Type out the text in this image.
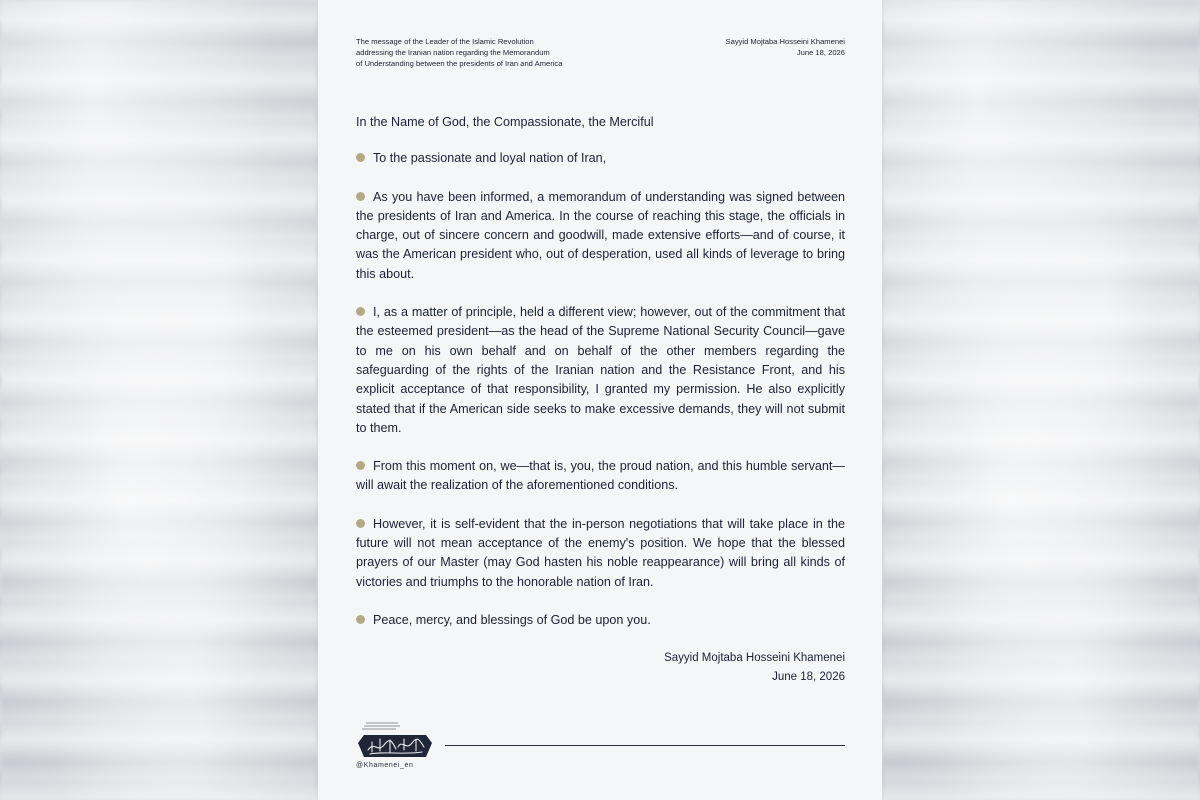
The message of the Leader of the Islamic Revolution
addressing the Iranian nation regarding the Memorandum
of Understanding between the presidents of Iran and America
Sayyid Mojtaba Hosseini Khamenei
June 18, 2026
In the Name of God, the Compassionate, the Merciful
To the passionate and loyal nation of Iran,
As you have been informed, a memorandum of understanding was signed between the presidents of Iran and America. In the course of reaching this stage, the officials in charge, out of sincere concern and goodwill, made extensive efforts—and of course, it was the American president who, out of desperation, used all kinds of leverage to bring this about.
I, as a matter of principle, held a different view; however, out of the commitment that the esteemed president—as the head of the Supreme National Security Council—gave to me on his own behalf and on behalf of the other members regarding the safeguarding of the rights of the Iranian nation and the Resistance Front, and his explicit acceptance of that responsibility, I granted my permission. He also explicitly stated that if the American side seeks to make excessive demands, they will not submit to them.
From this moment on, we—that is, you, the proud nation, and this humble servant—will await the realization of the aforementioned conditions.
However, it is self-evident that the in-person negotiations that will take place in the future will not mean acceptance of the enemy's position. We hope that the blessed prayers of our Master (may God hasten his noble reappearance) will bring all kinds of victories and triumphs to the honorable nation of Iran.
Peace, mercy, and blessings of God be upon you.
Sayyid Mojtaba Hosseini Khamenei
June 18, 2026
@Khamenei_en
